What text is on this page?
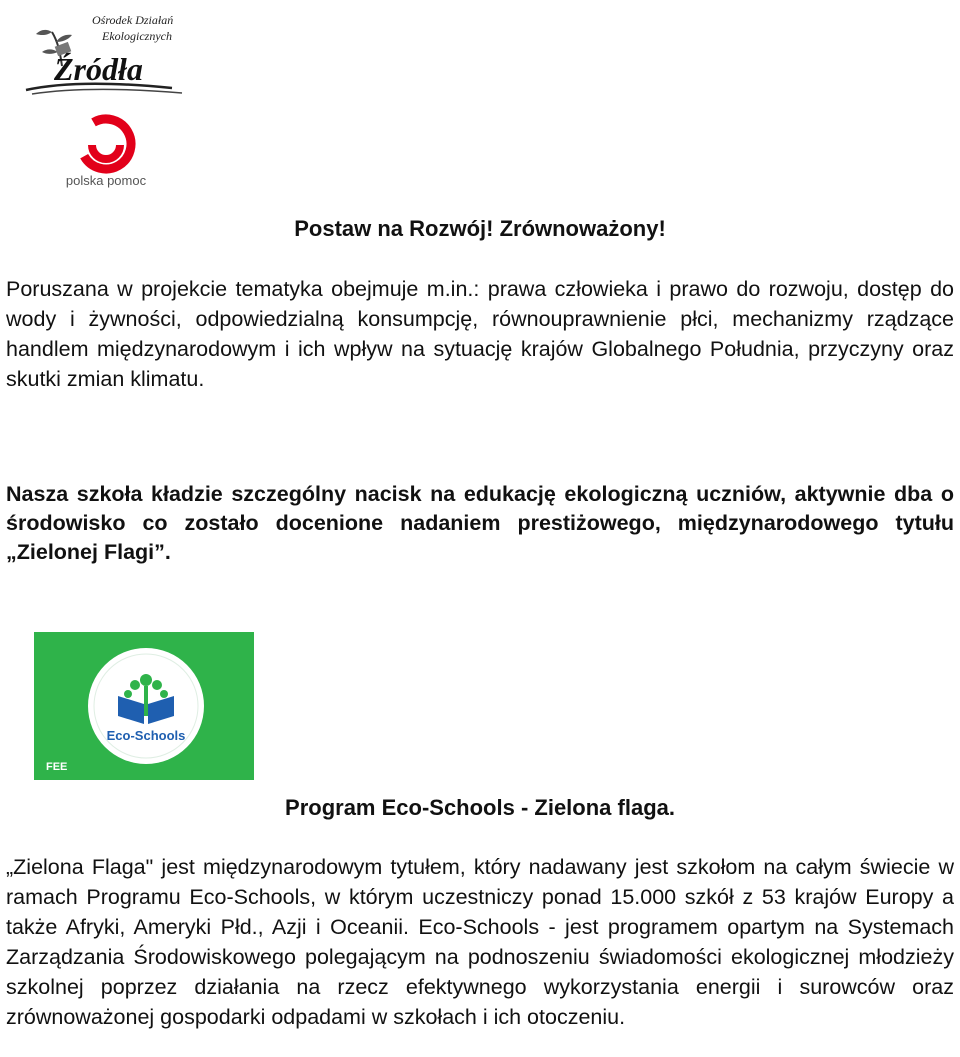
Ośrodek Działań
Ekologicznych
Źródła
polska pomoc
Postaw na Rozwój! Zrównoważony!

Poruszana w projekcie tematyka obejmuje m.in.: prawa człowieka i prawo do rozwoju, dostęp do wody i żywności, odpowiedzialną konsumpcję, równouprawnienie płci, mechanizmy rządzące handlem międzynarodowym i ich wpływ na sytuację krajów Globalnego Południa, przyczyny oraz skutki zmian klimatu.

Nasza szkoła kładzie szczególny nacisk na edukację ekologiczną uczniów, aktywnie dba o środowisko co zostało docenione nadaniem prestiżowego, międzynarodowego tytułu „Zielonej Flagi”.

Eco-Schools
FEE
Program Eco-Schools - Zielona flaga.

„Zielona Flaga" jest międzynarodowym tytułem, który nadawany jest szkołom na całym świecie w ramach Programu Eco-Schools, w którym uczestniczy ponad 15.000 szkół z 53 krajów Europy a także Afryki, Ameryki Płd., Azji i Oceanii. Eco-Schools - jest programem opartym na Systemach Zarządzania Środowiskowego polegającym na podnoszeniu świadomości ekologicznej młodzieży szkolnej poprzez działania na rzecz efektywnego wykorzystania energii i surowców oraz zrównoważonej gospodarki odpadami w szkołach i ich otoczeniu.
